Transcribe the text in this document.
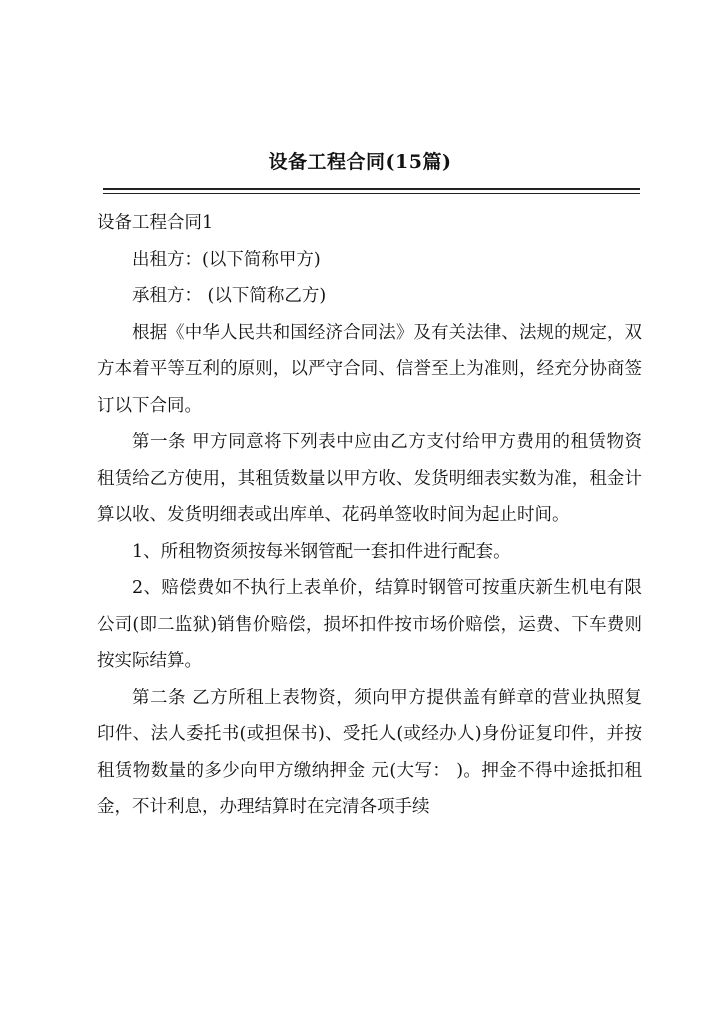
设备工程合同(15篇)

设备工程合同1

出租方：(以下简称甲方)

承租方： (以下简称乙方)

根据《中华人民共和国经济合同法》及有关法律、法规的规定，双方本着平等互利的原则，以严守合同、信誉至上为准则，经充分协商签订以下合同。

第一条 甲方同意将下列表中应由乙方支付给甲方费用的租赁物资租赁给乙方使用，其租赁数量以甲方收、发货明细表实数为准，租金计算以收、发货明细表或出库单、花码单签收时间为起止时间。

1、所租物资须按每米钢管配一套扣件进行配套。

2、赔偿费如不执行上表单价，结算时钢管可按重庆新生机电有限公司(即二监狱)销售价赔偿，损坏扣件按市场价赔偿，运费、下车费则按实际结算。

第二条 乙方所租上表物资，须向甲方提供盖有鲜章的营业执照复印件、法人委托书(或担保书)、受托人(或经办人)身份证复印件，并按租赁物数量的多少向甲方缴纳押金 元(大写： )。押金不得中途抵扣租金，不计利息，办理结算时在完清各项手续
